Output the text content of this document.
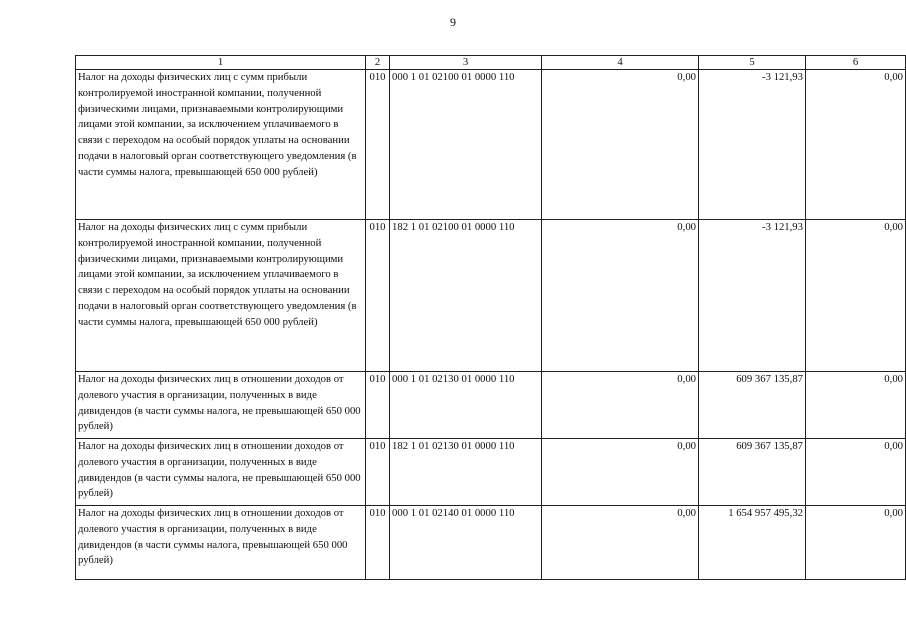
9
1	2	3	4	5	6
Налог на доходы физических лиц с сумм прибыли контролируемой иностранной компании, полученной физическими лицами, признаваемыми контролирующими лицами этой компании, за исключением уплачиваемого в связи с переходом на особый порядок уплаты на основании подачи в налоговый орган соответствующего уведомления (в части суммы налога, превышающей 650 000 рублей)	010	000 1 01 02100 01 0000 110	0,00	-3 121,93	0,00
Налог на доходы физических лиц с сумм прибыли контролируемой иностранной компании, полученной физическими лицами, признаваемыми контролирующими лицами этой компании, за исключением уплачиваемого в связи с переходом на особый порядок уплаты на основании подачи в налоговый орган соответствующего уведомления (в части суммы налога, превышающей 650 000 рублей)	010	182 1 01 02100 01 0000 110	0,00	-3 121,93	0,00
Налог на доходы физических лиц в отношении доходов от долевого участия в организации, полученных в виде дивидендов (в части суммы налога, не превышающей 650 000 рублей)	010	000 1 01 02130 01 0000 110	0,00	609 367 135,87	0,00
Налог на доходы физических лиц в отношении доходов от долевого участия в организации, полученных в виде дивидендов (в части суммы налога, не превышающей 650 000 рублей)	010	182 1 01 02130 01 0000 110	0,00	609 367 135,87	0,00
Налог на доходы физических лиц в отношении доходов от долевого участия в организации, полученных в виде дивидендов (в части суммы налога, превышающей 650 000 рублей)	010	000 1 01 02140 01 0000 110	0,00	1 654 957 495,32	0,00
